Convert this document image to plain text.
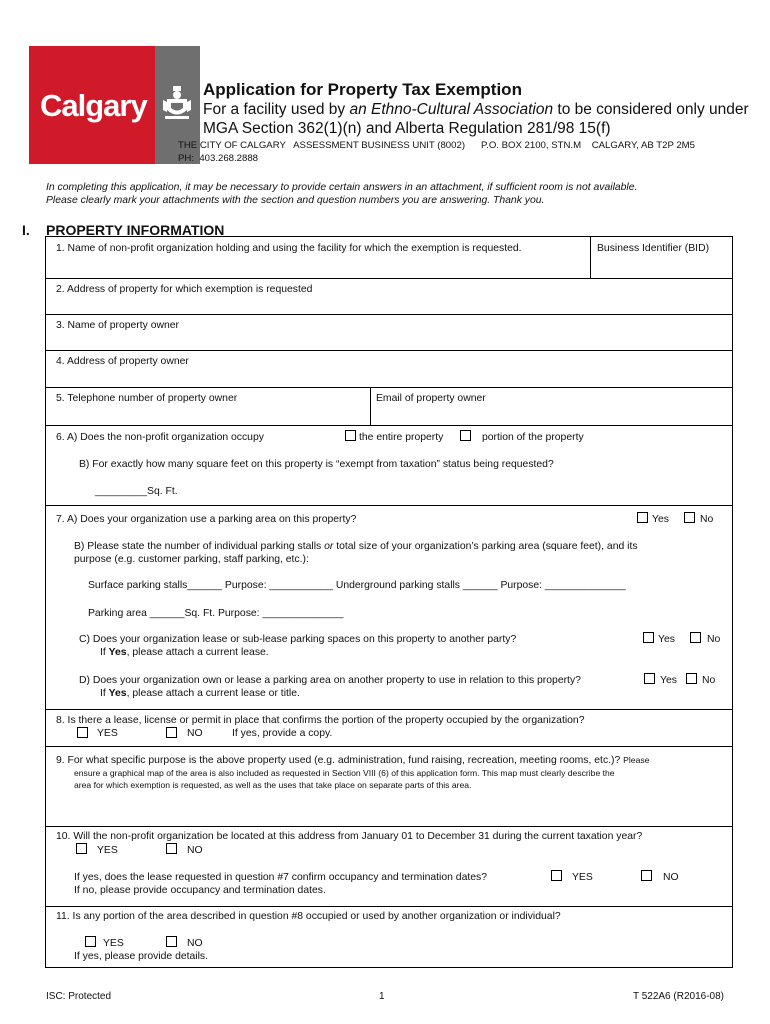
Calgary	Application for Property Tax Exemption
For a facility used by an Ethno-Cultural Association to be considered only under
MGA Section 362(1)(n) and Alberta Regulation 281/98 15(f)
THE CITY OF CALGARY   ASSESSMENT BUSINESS UNIT (8002)      P.O. BOX 2100, STN.M    CALGARY, AB T2P 2M5
PH:  403.268.2888
In completing this application, it may be necessary to provide certain answers in an attachment, if sufficient room is not available.
Please clearly mark your attachments with the section and question numbers you are answering. Thank you.
I. PROPERTY INFORMATION
1. Name of non-profit organization holding and using the facility for which the exemption is requested.	Business Identifier (BID)
2. Address of property for which exemption is requested
3. Name of property owner
4. Address of property owner
5. Telephone number of property owner	Email of property owner
6. A) Does the non-profit organization occupy	the entire property	portion of the property
B) For exactly how many square feet on this property is “exempt from taxation” status being requested?
_________Sq. Ft.
7. A) Does your organization use a parking area on this property?	Yes	No
B) Please state the number of individual parking stalls or total size of your organization’s parking area (square feet), and its
purpose (e.g. customer parking, staff parking, etc.):
Surface parking stalls______ Purpose: ___________ Underground parking stalls ______ Purpose: ______________
Parking area ______Sq. Ft. Purpose: ______________
C) Does your organization lease or sub-lease parking spaces on this property to another party?
If Yes, please attach a current lease.
Yes	No
D) Does your organization own or lease a parking area on another property to use in relation to this property?
If Yes, please attach a current lease or title.
Yes No
8. Is there a lease, license or permit in place that confirms the portion of the property occupied by the organization?
YES	NO	If yes, provide a copy.
9. For what specific purpose is the above property used (e.g. administration, fund raising, recreation, meeting rooms, etc.)? Please
ensure a graphical map of the area is also included as requested in Section VIII (6) of this application form. This map must clearly describe the
area for which exemption is requested, as well as the uses that take place on separate parts of this area.
10. Will the non-profit organization be located at this address from January 01 to December 31 during the current taxation year?
YES	NO
If yes, does the lease requested in question #7 confirm occupancy and termination dates?	YES	NO
If no, please provide occupancy and termination dates.
11. Is any portion of the area described in question #8 occupied or used by another organization or individual?
YES	NO
If yes, please provide details.
ISC: Protected	1	T 522A6 (R2016-08)
